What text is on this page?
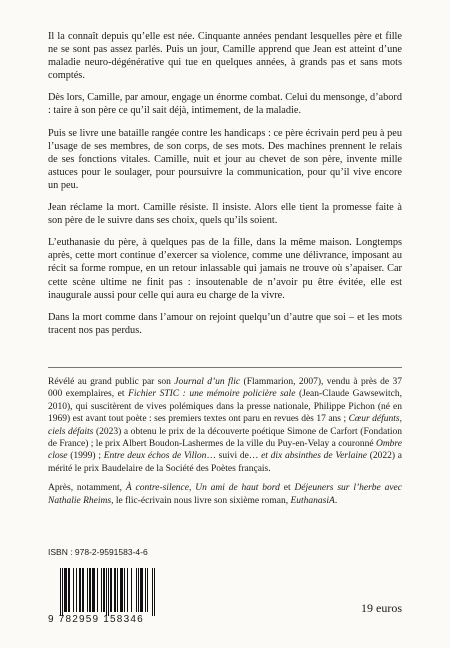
Il la connaît depuis qu’elle est née. Cinquante années pendant lesquelles père et fille ne se sont pas assez parlés. Puis un jour, Camille apprend que Jean est atteint d’une maladie neuro-dégénérative qui tue en quelques années, à grands pas et sans mots comptés.

Dès lors, Camille, par amour, engage un énorme combat. Celui du mensonge, d’abord : taire à son père ce qu’il sait déjà, intimement, de la maladie.

Puis se livre une bataille rangée contre les handicaps : ce père écrivain perd peu à peu l’usage de ses membres, de son corps, de ses mots. Des machines prennent le relais de ses fonctions vitales. Camille, nuit et jour au chevet de son père, invente mille astuces pour le soulager, pour poursuivre la communication, pour qu’il vive encore un peu.

Jean réclame la mort. Camille résiste. Il insiste. Alors elle tient la promesse faite à son père de le suivre dans ses choix, quels qu’ils soient.

L’euthanasie du père, à quelques pas de la fille, dans la même maison. Longtemps après, cette mort continue d’exercer sa violence, comme une délivrance, imposant au récit sa forme rompue, en un retour inlassable qui jamais ne trouve où s’apaiser. Car cette scène ultime ne finit pas : insoutenable de n’avoir pu être évitée, elle est inaugurale aussi pour celle qui aura eu charge de la vivre.

Dans la mort comme dans l’amour on rejoint quelqu’un d’autre que soi – et les mots tracent nos pas perdus.

Révélé au grand public par son Journal d’un flic (Flammarion, 2007), vendu à près de 37 000 exemplaires, et Fichier STIC : une mémoire policière sale (Jean-Claude Gawsewitch, 2010), qui suscitèrent de vives polémiques dans la presse nationale, Philippe Pichon (né en 1969) est avant tout poète : ses premiers textes ont paru en revues dès 17 ans ; Cœur défunts, ciels défaits (2023) a obtenu le prix de la découverte poétique Simone de Carfort (Fondation de France) ; le prix Albert Boudon-Lashermes de la ville du Puy-en-Velay a couronné Ombre close (1999) ; Entre deux échos de Villon… suivi de… et dix absinthes de Verlaine (2022) a mérité le prix Baudelaire de la Société des Poètes français.

Après, notamment, À contre-silence, Un ami de haut bord et Déjeuners sur l’herbe avec Nathalie Rheims, le flic-écrivain nous livre son sixième roman, EuthanasiA.

ISBN : 978-2-9591583-4-6
9 782959 158346
19 euros
